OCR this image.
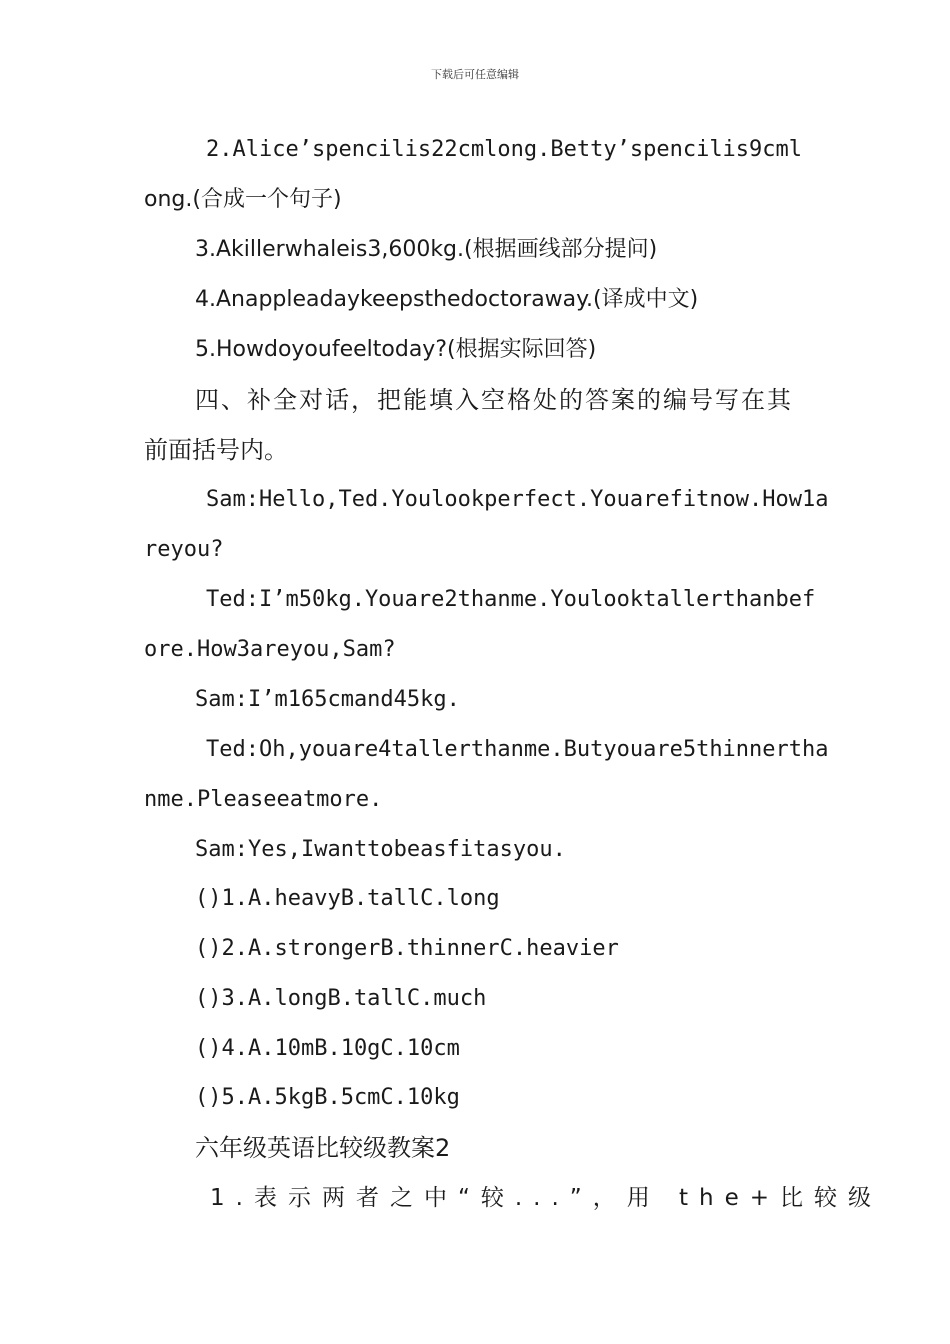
下载后可任意编辑
2.Alice’spencilis22cmlong.Betty’spencilis9cml
ong.(合成一个句子)
3.Akillerwhaleis3,600kg.(根据画线部分提问)
4.Anappleadaykeepsthedoctoraway.(译成中文)
5.Howdoyoufeeltoday?(根据实际回答)
四、补全对话，把能填入空格处的答案的编号写在其
前面括号内。
Sam:Hello,Ted.Youlookperfect.Youarefitnow.How1a
reyou?
Ted:I’m50kg.Youare2thanme.Youlooktallerthanbef
ore.How3areyou,Sam?
Sam:I’m165cmand45kg.
Ted:Oh,youare4tallerthanme.Butyouare5thinnertha
nme.Pleaseeatmore.
Sam:Yes,Iwanttobeasfitasyou.
()1.A.heavyB.tallC.long
()2.A.strongerB.thinnerC.heavier
()3.A.longB.tallC.much
()4.A.10mB.10gC.10cm
()5.A.5kgB.5cmC.10kg
六年级英语比较级教案2
1.表示两者之中“较...”，用 the+比较级
